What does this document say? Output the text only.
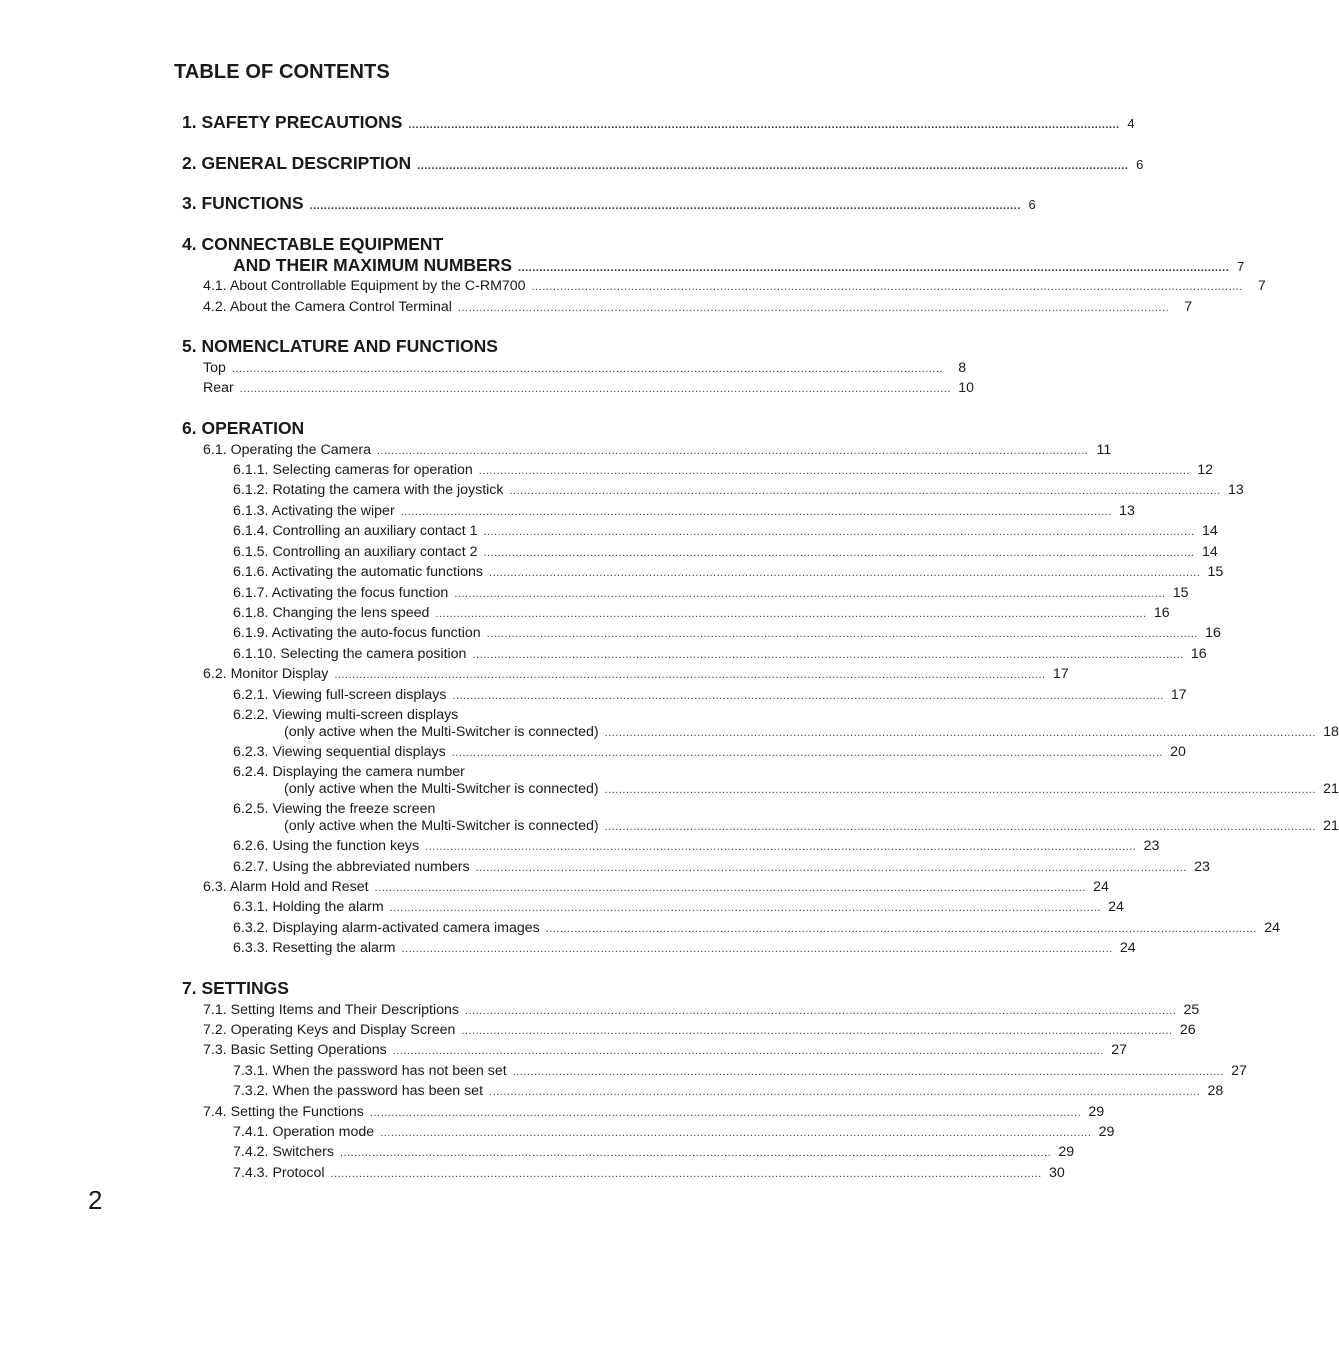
TABLE OF CONTENTS
1. SAFETY PRECAUTIONS ........................................................................................................................................................................................................ 4
2. GENERAL DESCRIPTION ........................................................................................................................................................................................................ 6
3. FUNCTIONS ........................................................................................................................................................................................................ 6
4. CONNECTABLE EQUIPMENT
AND THEIR MAXIMUM NUMBERS ........................................................................................................................................................................................................ 7
4.1. About Controllable Equipment by the C-RM700 ........................................................................................................................................................................................................	7
4.2. About the Camera Control Terminal ........................................................................................................................................................................................................	7
5. NOMENCLATURE AND FUNCTIONS
Top ........................................................................................................................................................................................................	8
Rear ........................................................................................................................................................................................................ 10
6. OPERATION
6.1. Operating the Camera ........................................................................................................................................................................................................ 11
6.1.1. Selecting cameras for operation ........................................................................................................................................................................................................ 12
6.1.2. Rotating the camera with the joystick ........................................................................................................................................................................................................ 13
6.1.3. Activating the wiper ........................................................................................................................................................................................................ 13
6.1.4. Controlling an auxiliary contact 1 ........................................................................................................................................................................................................ 14
6.1.5. Controlling an auxiliary contact 2 ........................................................................................................................................................................................................ 14
6.1.6. Activating the automatic functions ........................................................................................................................................................................................................ 15
6.1.7. Activating the focus function ........................................................................................................................................................................................................ 15
6.1.8. Changing the lens speed ........................................................................................................................................................................................................ 16
6.1.9. Activating the auto-focus function ........................................................................................................................................................................................................ 16
6.1.10. Selecting the camera position ........................................................................................................................................................................................................ 16
6.2. Monitor Display ........................................................................................................................................................................................................ 17
6.2.1. Viewing full-screen displays ........................................................................................................................................................................................................ 17
6.2.2. Viewing multi-screen displays
(only active when the Multi-Switcher is connected) ........................................................................................................................................................................................................ 18
6.2.3. Viewing sequential displays ........................................................................................................................................................................................................ 20
6.2.4. Displaying the camera number
(only active when the Multi-Switcher is connected) ........................................................................................................................................................................................................ 21
6.2.5. Viewing the freeze screen
(only active when the Multi-Switcher is connected) ........................................................................................................................................................................................................ 21
6.2.6. Using the function keys ........................................................................................................................................................................................................ 23
6.2.7. Using the abbreviated numbers ........................................................................................................................................................................................................ 23
6.3. Alarm Hold and Reset ........................................................................................................................................................................................................ 24
6.3.1. Holding the alarm ........................................................................................................................................................................................................ 24
6.3.2. Displaying alarm-activated camera images ........................................................................................................................................................................................................ 24
6.3.3. Resetting the alarm ........................................................................................................................................................................................................ 24
7. SETTINGS
7.1. Setting Items and Their Descriptions ........................................................................................................................................................................................................ 25
7.2. Operating Keys and Display Screen ........................................................................................................................................................................................................ 26
7.3. Basic Setting Operations ........................................................................................................................................................................................................ 27
7.3.1. When the password has not been set ........................................................................................................................................................................................................ 27
7.3.2. When the password has been set ........................................................................................................................................................................................................ 28
7.4. Setting the Functions ........................................................................................................................................................................................................ 29
7.4.1. Operation mode ........................................................................................................................................................................................................ 29
7.4.2. Switchers ........................................................................................................................................................................................................ 29
7.4.3. Protocol ........................................................................................................................................................................................................ 30
2
